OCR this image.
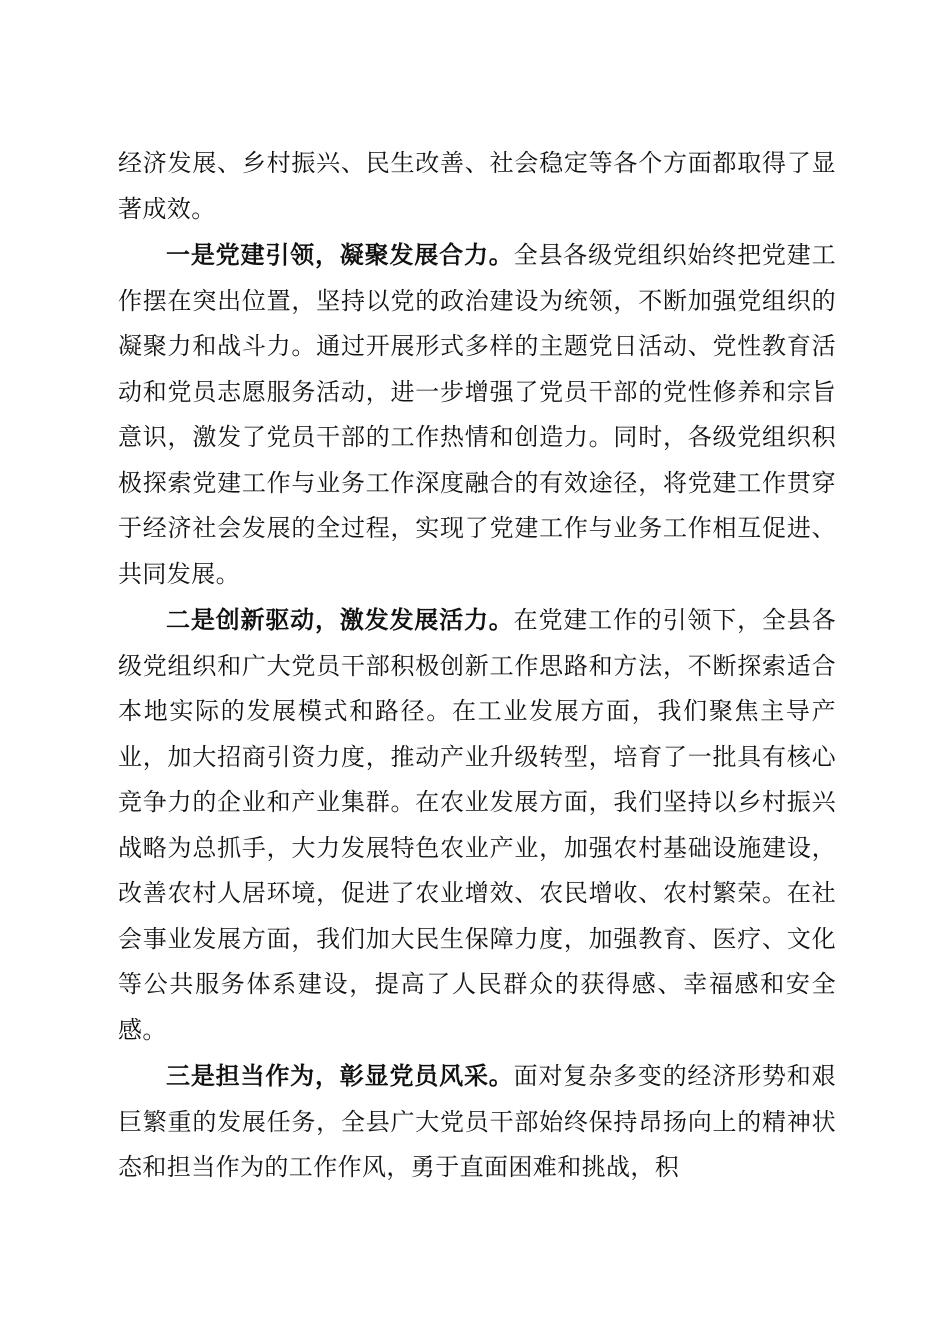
经济发展、乡村振兴、民生改善、社会稳定等各个方面都取得了显著成效。

一是党建引领，凝聚发展合力。全县各级党组织始终把党建工作摆在突出位置，坚持以党的政治建设为统领，不断加强党组织的凝聚力和战斗力。通过开展形式多样的主题党日活动、党性教育活动和党员志愿服务活动，进一步增强了党员干部的党性修养和宗旨意识，激发了党员干部的工作热情和创造力。同时，各级党组织积极探索党建工作与业务工作深度融合的有效途径，将党建工作贯穿于经济社会发展的全过程，实现了党建工作与业务工作相互促进、共同发展。

二是创新驱动，激发发展活力。在党建工作的引领下，全县各级党组织和广大党员干部积极创新工作思路和方法，不断探索适合本地实际的发展模式和路径。在工业发展方面，我们聚焦主导产业，加大招商引资力度，推动产业升级转型，培育了一批具有核心竞争力的企业和产业集群。在农业发展方面，我们坚持以乡村振兴战略为总抓手，大力发展特色农业产业，加强农村基础设施建设，改善农村人居环境，促进了农业增效、农民增收、农村繁荣。在社会事业发展方面，我们加大民生保障力度，加强教育、医疗、文化等公共服务体系建设，提高了人民群众的获得感、幸福感和安全感。

三是担当作为，彰显党员风采。面对复杂多变的经济形势和艰巨繁重的发展任务，全县广大党员干部始终保持昂扬向上的精神状态和担当作为的工作作风，勇于直面困难和挑战，积
